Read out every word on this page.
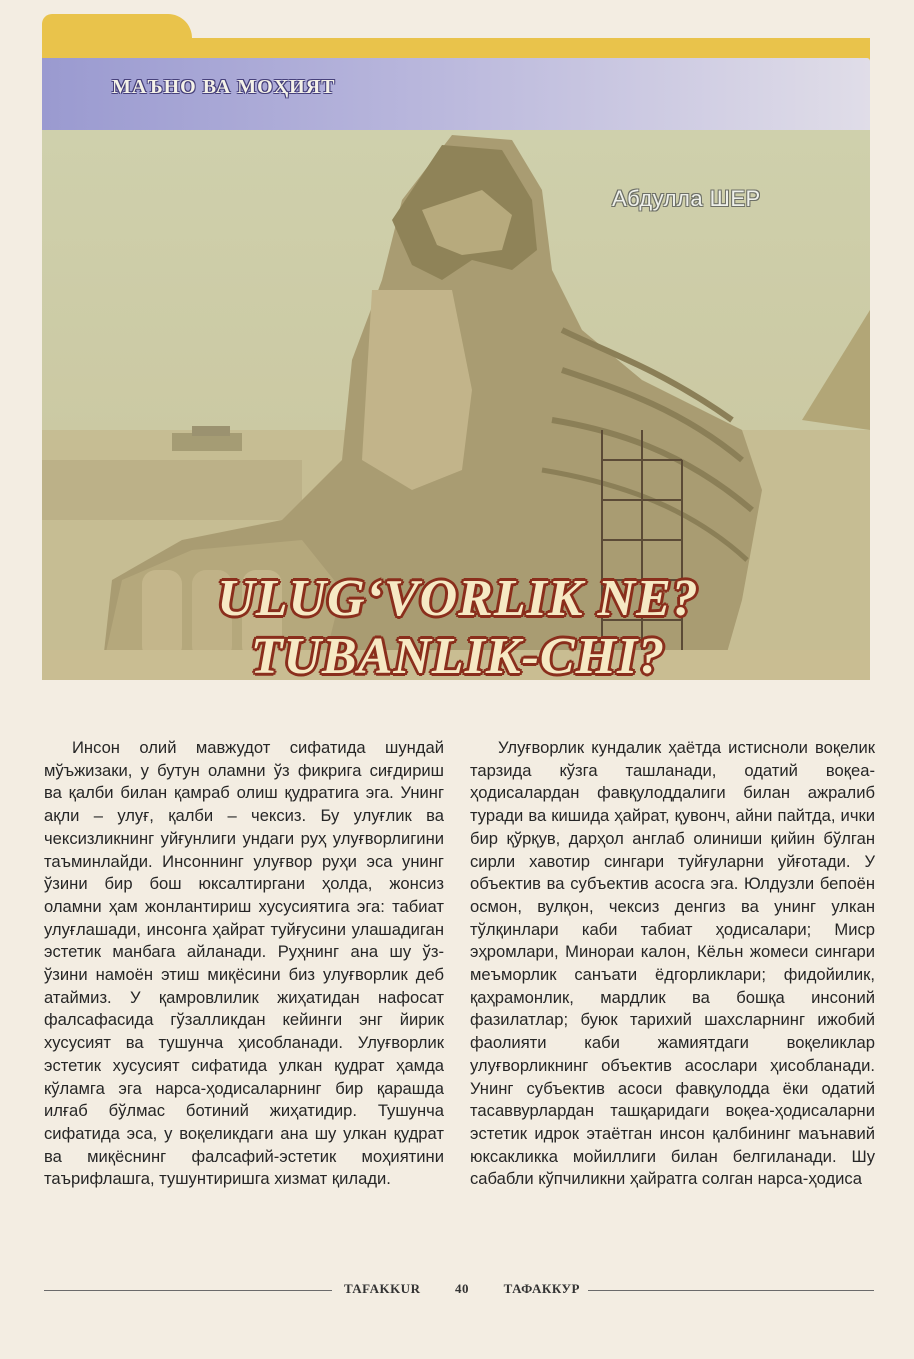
МАЪНО ВА МОҲИЯТ
Абдулла ШЕР
ULUG‘VORLIK NE?
TUBANLIK-CHI?
Инсон олий мавжудот сифатида шундай мўъжизаки, у бутун оламни ўз фикрига сиғдириш ва қалби билан қамраб олиш қудратига эга. Унинг ақли – улуғ, қалби – чексиз. Бу улуғлик ва чексизликнинг уйғунлиги ундаги руҳ улуғворлигини таъминлайди. Инсоннинг улуғвор руҳи эса унинг ўзини бир бош юксалтиргани ҳолда, жонсиз оламни ҳам жонлантириш хусусиятига эга: табиат улуғлашади, инсонга ҳайрат туйғусини улашадиган эстетик манбага айланади. Руҳнинг ана шу ўз-ўзини намоён этиш миқёсини биз улуғворлик деб атаймиз. У қамровлилик жиҳатидан нафосат фалсафасида гўзалликдан кейинги энг йирик хусусият ва тушунча ҳисобланади. Улуғворлик эстетик хусусият сифатида улкан қудрат ҳамда кўламга эга нарса-ҳодисаларнинг бир қарашда илғаб бўлмас ботиний жиҳатидир. Тушунча сифатида эса, у воқеликдаги ана шу улкан қудрат ва миқёснинг фалсафий-эстетик моҳиятини таърифлашга, тушунтиришга хизмат қилади.
Улуғворлик кундалик ҳаётда истисноли воқелик тарзида кўзга ташланади, одатий воқеа-ҳодисалардан фавқулоддалиги билан ажралиб туради ва кишида ҳайрат, қувонч, айни пайтда, ички бир қўрқув, дарҳол англаб олиниши қийин бўлган сирли хавотир сингари туйғуларни уйғотади. У объектив ва субъектив асосга эга. Юлдузли бепоён осмон, вулқон, чексиз денгиз ва унинг улкан тўлқинлари каби табиат ҳодисалари; Миср эҳромлари, Минораи калон, Кёльн жомеси сингари меъморлик санъати ёдгорликлари; фидойилик, қаҳрамонлик, мардлик ва бошқа инсоний фазилатлар; буюк тарихий шахсларнинг ижобий фаолияти каби жамиятдаги воқеликлар улуғворликнинг объектив асослари ҳисобланади. Унинг субъектив асоси фавқулодда ёки одатий тасаввурлардан ташқаридаги воқеа-ҳодисаларни эстетик идрок этаётган инсон қалбининг маънавий юксакликка мойиллиги билан белгиланади. Шу сабабли кўпчиликни ҳайратга солган нарса-ҳодиса
TAFAKKUR	40	ТАФАККУР
